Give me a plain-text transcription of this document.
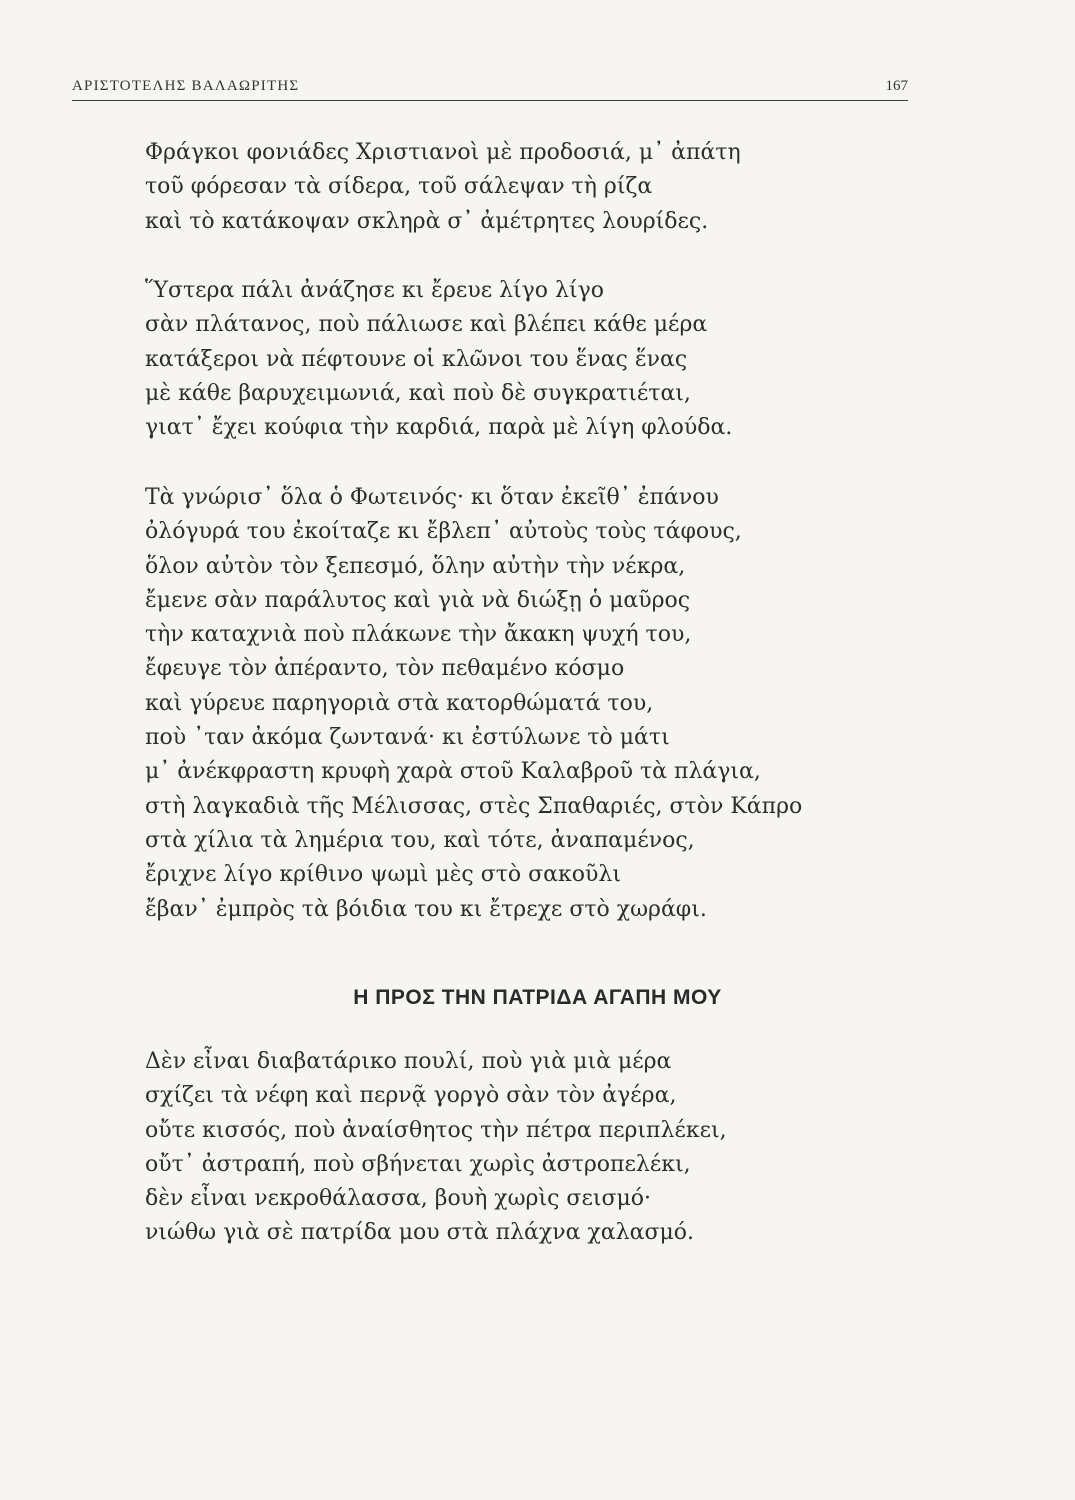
ΑΡΙΣΤΟΤΕΛΗΣ ΒΑΛΑΩΡΙΤΗΣ	167
Φράγκοι φονιάδες Χριστιανοὶ μὲ προδοσιά, μ᾿ ἀπάτη
τοῦ φόρεσαν τὰ σίδερα, τοῦ σάλεψαν τὴ ρίζα
καὶ τὸ κατάκοψαν σκληρὰ σ᾿ ἀμέτρητες λουρίδες.
Ὕστερα πάλι ἀνάζησε κι ἔρευε λίγο λίγο
σὰν πλάτανος, ποὺ πάλιωσε καὶ βλέπει κάθε μέρα
κατάξεροι νὰ πέφτουνε οἱ κλῶνοι του ἕνας ἕνας
μὲ κάθε βαρυχειμωνιά, καὶ ποὺ δὲ συγκρατιέται,
γιατ᾿ ἔχει κούφια τὴν καρδιά, παρὰ μὲ λίγη φλούδα.
Τὰ γνώρισ᾿ ὅλα ὁ Φωτεινός· κι ὅταν ἐκεῖθ᾿ ἐπάνου
ὀλόγυρά του ἐκοίταζε κι ἔβλεπ᾿ αὐτοὺς τοὺς τάφους,
ὅλον αὐτὸν τὸν ξεπεσμό, ὅλην αὐτὴν τὴν νέκρα,
ἔμενε σὰν παράλυτος καὶ γιὰ νὰ διώξῃ ὁ μαῦρος
τὴν καταχνιὰ ποὺ πλάκωνε τὴν ἄκακη ψυχή του,
ἔφευγε τὸν ἀπέραντο, τὸν πεθαμένο κόσμο
καὶ γύρευε παρηγοριὰ στὰ κατορθώματά του,
ποὺ ᾿ταν ἀκόμα ζωντανά· κι ἐστύλωνε τὸ μάτι
μ᾿ ἀνέκφραστη κρυφὴ χαρὰ στοῦ Καλαβροῦ τὰ πλάγια,
στὴ λαγκαδιὰ τῆς Μέλισσας, στὲς Σπαθαριές, στὸν Κάπρο
στὰ χίλια τὰ λημέρια του, καὶ τότε, ἀναπαμένος,
ἔριχνε λίγο κρίθινο ψωμὶ μὲς στὸ σακοῦλι
ἔβαν᾿ ἐμπρὸς τὰ βόιδια του κι ἔτρεχε στὸ χωράφι.
Η ΠΡΟΣ ΤΗΝ ΠΑΤΡΙΔΑ ΑΓΑΠΗ ΜΟΥ
Δὲν εἶναι διαβατάρικο πουλί, ποὺ γιὰ μιὰ μέρα
σχίζει τὰ νέφη καὶ περνᾷ γοργὸ σὰν τὸν ἀγέρα,
οὔτε κισσός, ποὺ ἀναίσθητος τὴν πέτρα περιπλέκει,
οὔτ᾿ ἀστραπή, ποὺ σβήνεται χωρὶς ἀστροπελέκι,
δὲν εἶναι νεκροθάλασσα, βουὴ χωρὶς σεισμό·
νιώθω γιὰ σὲ πατρίδα μου στὰ πλάχνα χαλασμό.
